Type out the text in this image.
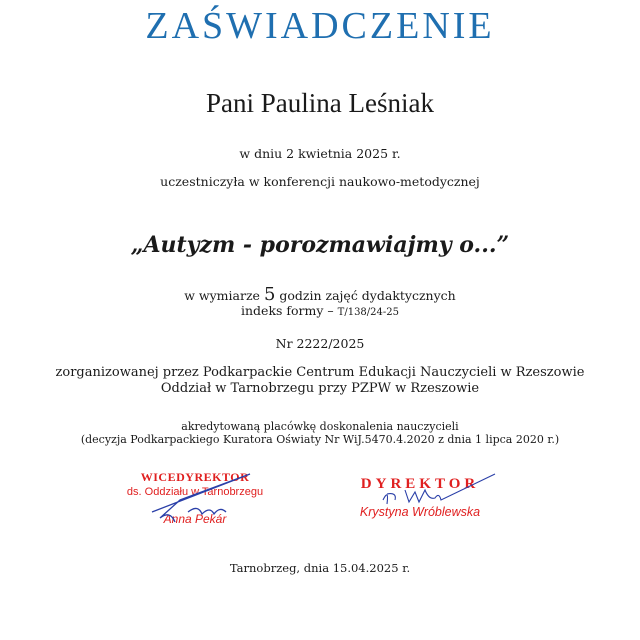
ZAŚWIADCZENIE
Pani Paulina Leśniak
w dniu 2 kwietnia 2025 r.
uczestniczyła w konferencji naukowo-metodycznej
„Autyzm - porozmawiajmy o...”
w wymiarze 5 godzin zajęć dydaktycznych
indeks formy – T/138/24-25
Nr 2222/2025
zorganizowanej przez Podkarpackie Centrum Edukacji Nauczycieli w Rzeszowie
Oddział w Tarnobrzegu przy PZPW w Rzeszowie
akredytowaną placówkę doskonalenia nauczycieli
(decyzja Podkarpackiego Kuratora Oświaty Nr WiJ.5470.4.2020 z dnia 1 lipca 2020 r.)
WICEDYREKTOR
ds. Oddziału w Tarnobrzegu
Anna Pekár
DYREKTOR
Krystyna Wróblewska
Tarnobrzeg, dnia 15.04.2025 r.
